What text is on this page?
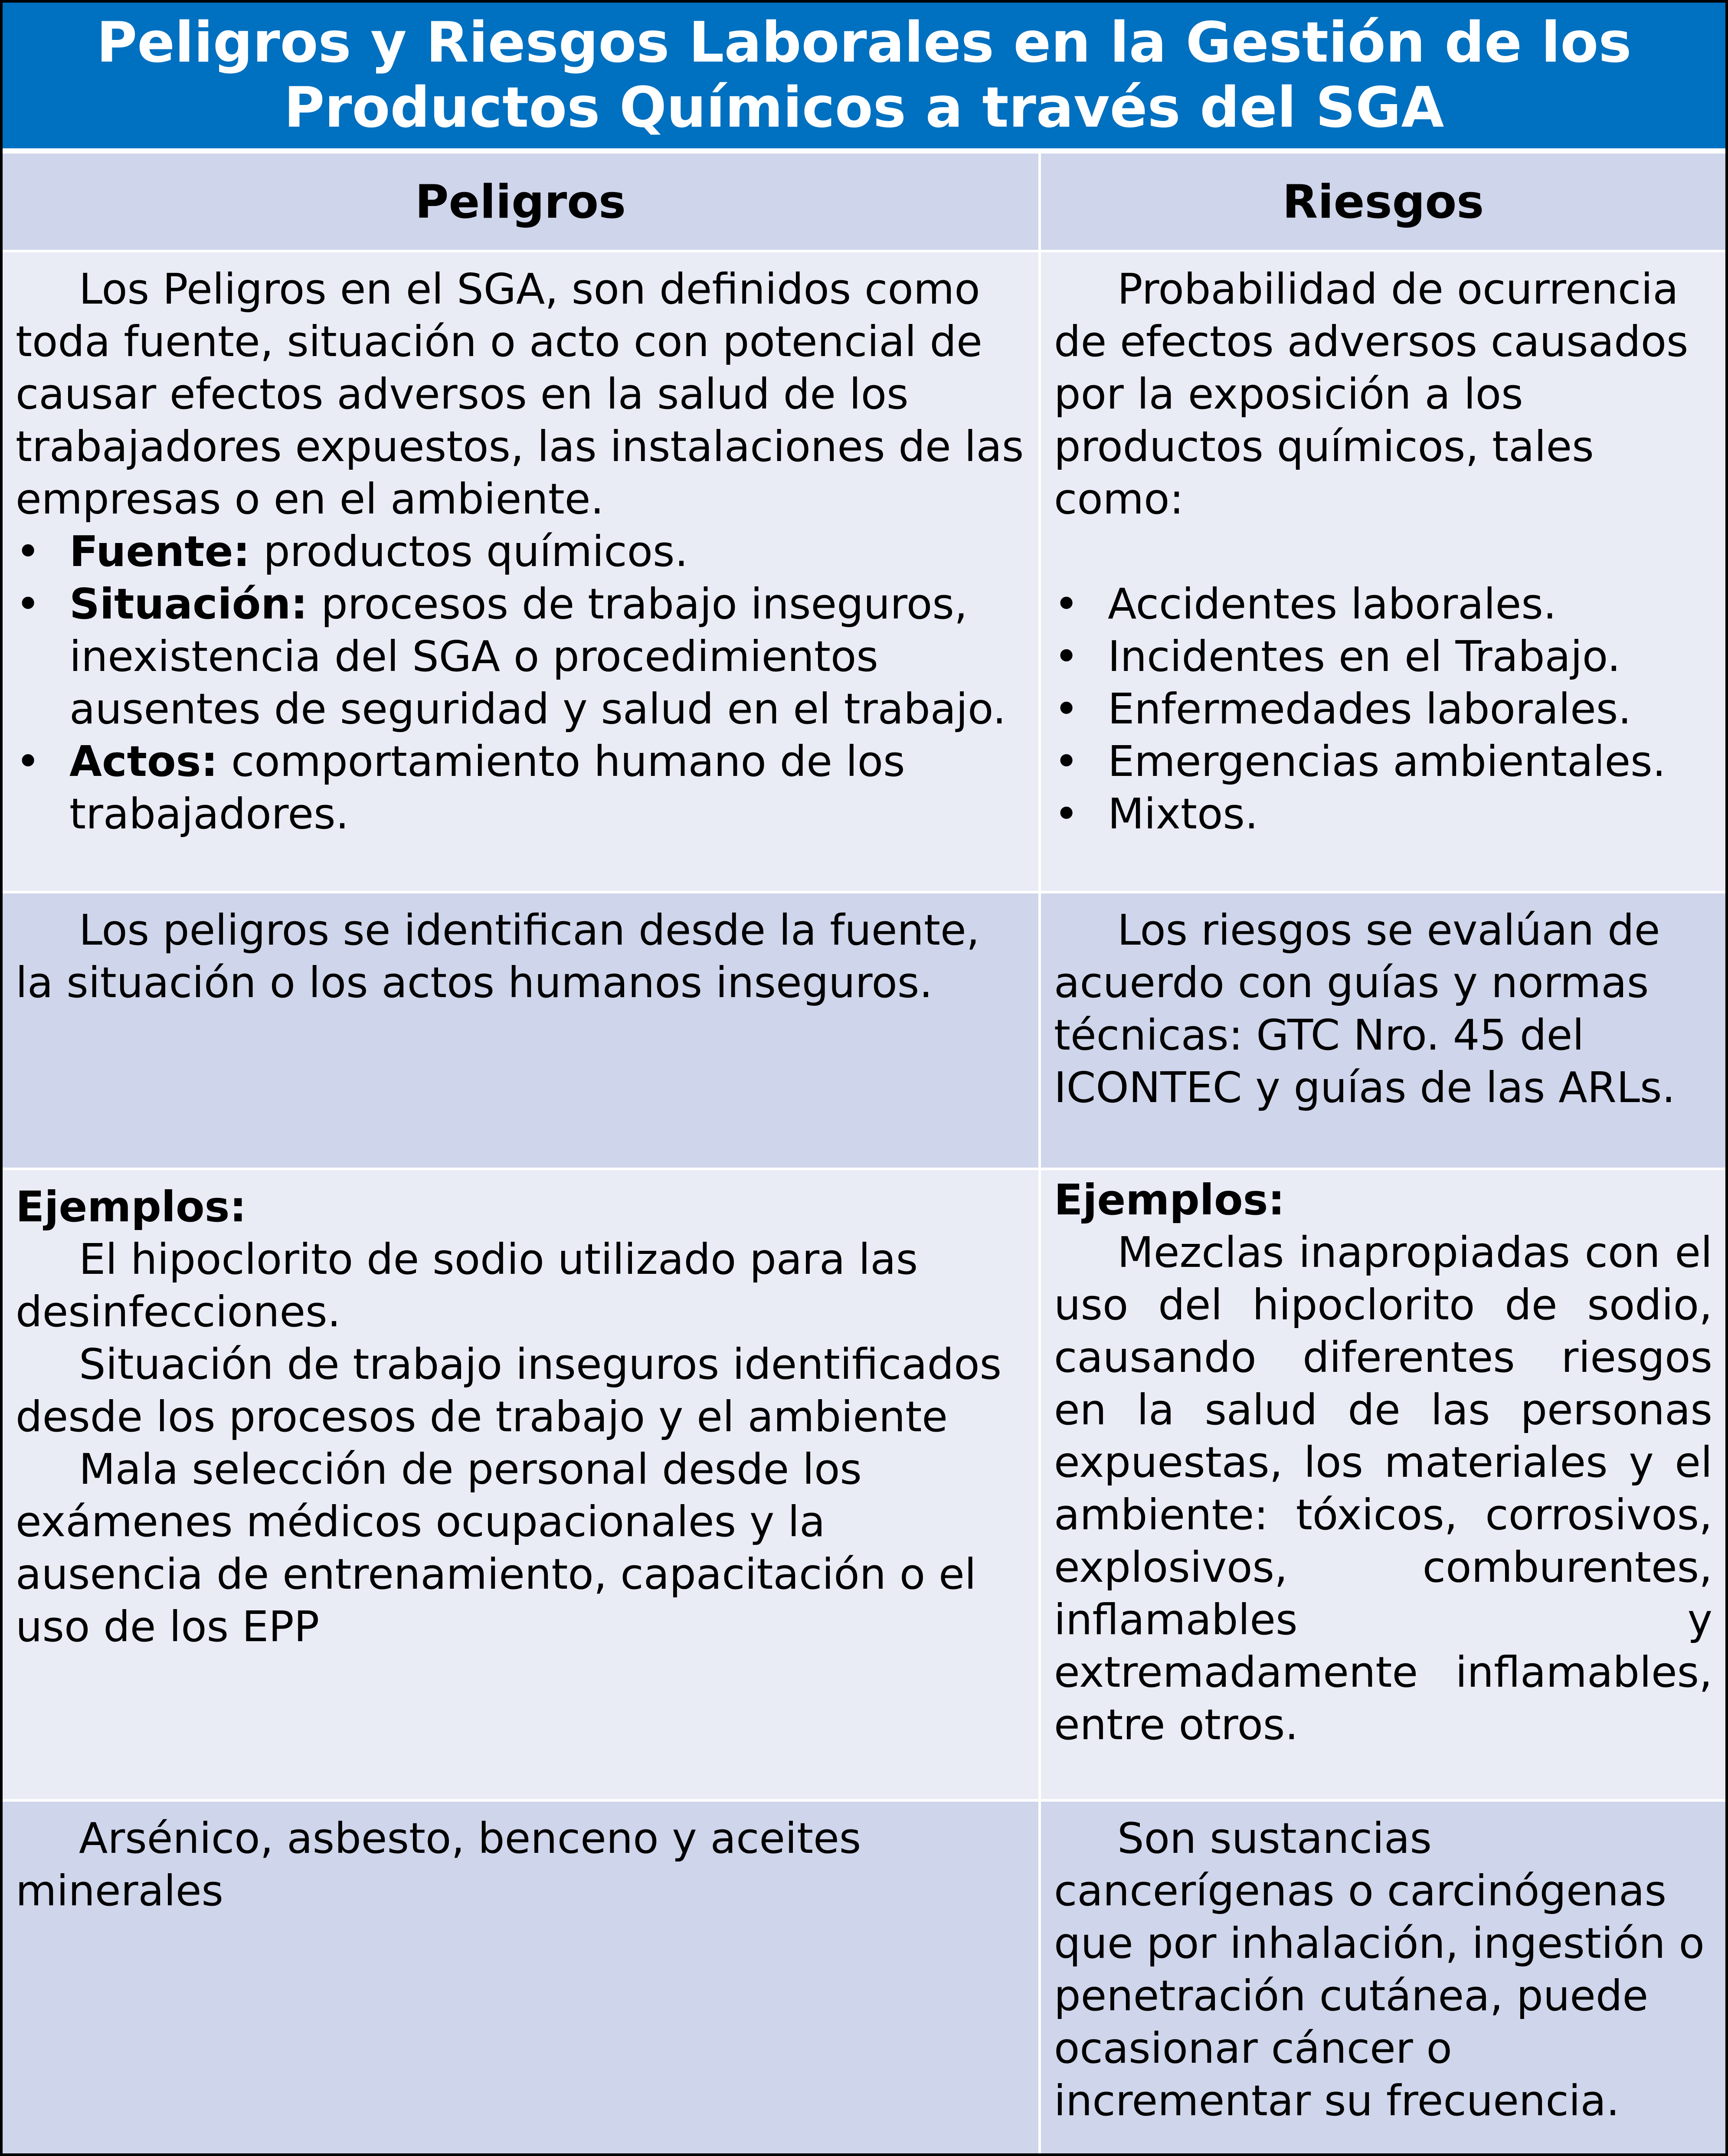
Peligros y Riesgos Laborales en la Gestión de los
Productos Químicos a través del SGA
Peligros	Riesgos

Los Peligros en el SGA, son definidos como toda fuente, situación o acto con potencial de causar efectos adversos en la salud de los trabajadores expuestos, las instalaciones de las empresas o en el ambiente.

• Fuente: productos químicos.
• Situación: procesos de trabajo inseguros, inexistencia del SGA o procedimientos ausentes de seguridad y salud en el trabajo.
• Actos: comportamiento humano de los trabajadores.

Probabilidad de ocurrencia de efectos adversos causados por la exposición a los productos químicos, tales como:

• Accidentes laborales.
• Incidentes en el Trabajo.
• Enfermedades laborales.
• Emergencias ambientales.
• Mixtos.

Los peligros se identifican desde la fuente, la situación o los actos humanos inseguros.

Los riesgos se evalúan de acuerdo con guías y normas técnicas: GTC Nro. 45 del ICONTEC y guías de las ARLs.

Ejemplos:

El hipoclorito de sodio utilizado para las desinfecciones.

Situación de trabajo inseguros identificados desde los procesos de trabajo y el ambiente

Mala selección de personal desde los exámenes médicos ocupacionales y la ausencia de entrenamiento, capacitación o el uso de los EPP

Ejemplos:

Mezclas inapropiadas con el uso del hipoclorito de sodio, causando diferentes riesgos en la salud de las personas expuestas, los materiales y el ambiente: tóxicos, corrosivos, explosivos, comburentes, inflamables y extremadamente inflamables, entre otros.

Arsénico, asbesto, benceno y aceites minerales

Son sustancias cancerígenas o carcinógenas que por inhalación, ingestión o penetración cutánea, puede ocasionar cáncer o incrementar su frecuencia.
